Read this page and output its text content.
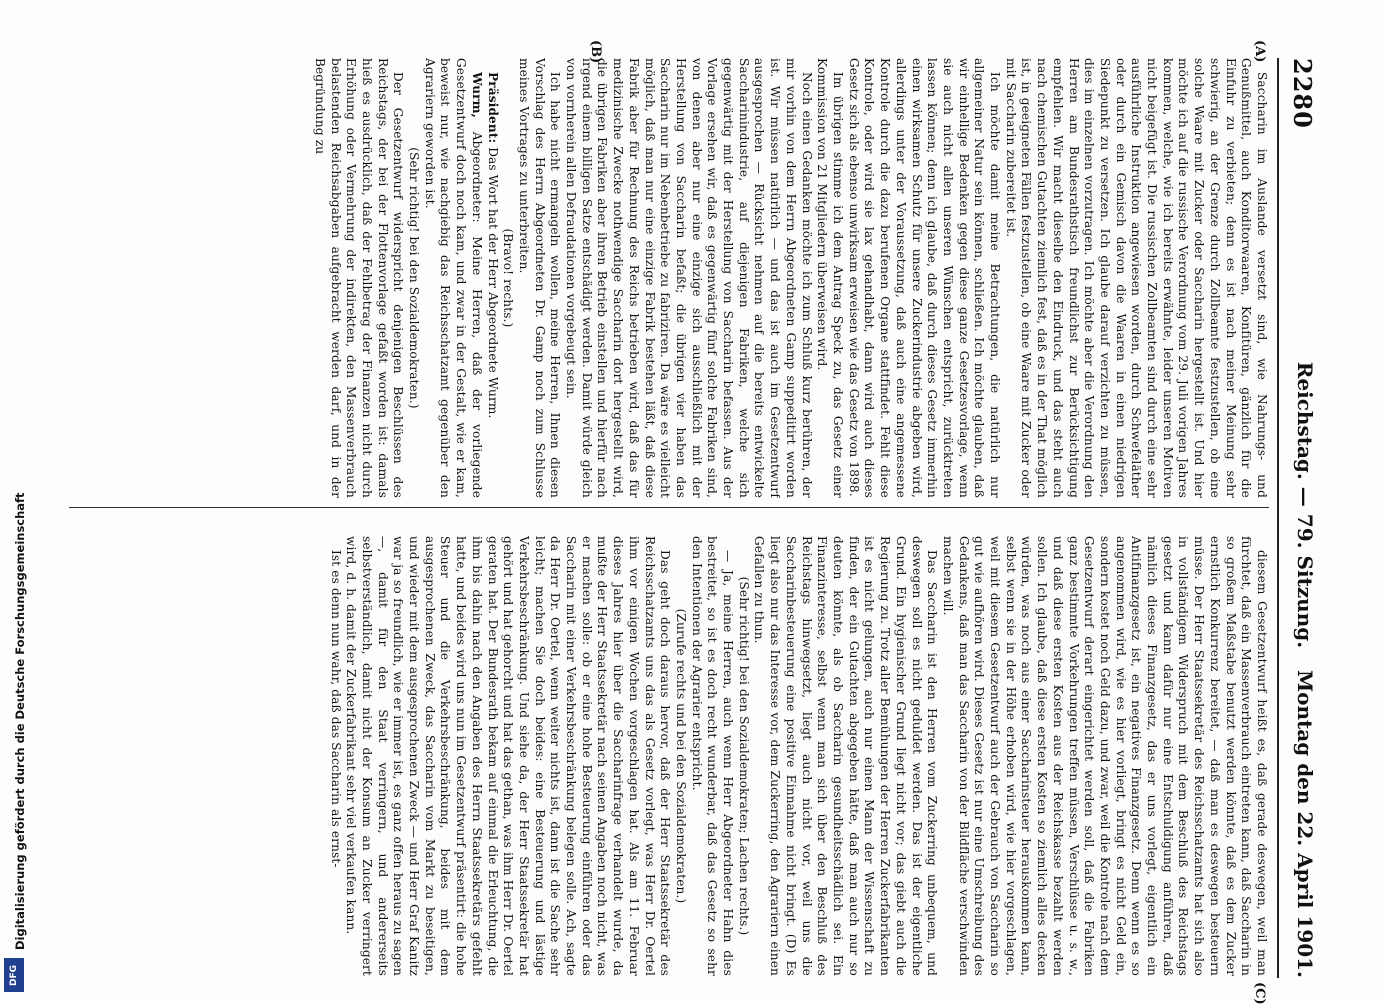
2280
Reichstag. — 79. Sitzung.
Montag den 22. April 1901.
(A)
(B)
(C)

Saccharin im Auslande versetzt sind, wie Nahrungs- und Genußmittel, auch Konditorwaaren, Konfitüren, gänzlich für die Einfuhr zu verbieten; denn es ist nach meiner Meinung sehr schwierig, an der Grenze durch Zollbeamte festzustellen, ob eine solche Waare mit Zucker oder Saccharin hergestellt ist. Und hier möchte ich auf die russische Verordnung vom 29. Juli vorigen Jahres kommen, welche, wie ich bereits erwähnte, leider unseren Motiven nicht beigefügt ist. Die russischen Zollbeamten sind durch eine sehr ausführliche Instruktion angewiesen worden, durch Schwefeläther oder durch ein Gemisch davon die Waaren in einen niedrigen Siedepunkt zu versetzen. Ich glaube darauf verzichten zu müssen, dies im einzelnen vorzutragen. Ich möchte aber die Verordnung den Herren am Bundesrathstisch freundlichst zur Berücksichtigung empfehlen. Wir macht dieselbe den Eindruck, und das steht auch nach chemischen Gutachten ziemlich fest, daß es in der That möglich ist, in geeigneten Fällen festzustellen, ob eine Waare mit Zucker oder mit Saccharin zubereitet ist.

Ich möchte damit meine Betrachtungen, die natürlich nur allgemeiner Natur sein können, schließen. Ich möchte glauben, daß wir einhellige Bedenken gegen diese ganze Gesetzesvorlage, wenn sie auch nicht allen unseren Wünschen entspricht, zurücktreten lassen können; denn ich glaube, daß durch dieses Gesetz immerhin einen wirksamen Schutz für unsere Zuckerindustrie abgeben wird, allerdings unter der Voraussetzung, daß auch eine angemessene Kontrole durch die dazu berufenen Organe stattfindet. Fehlt diese Kontrole, oder wird sie lax gehandhabt, dann wird auch dieses Gesetz sich als ebenso unwirksam erweisen wie das Gesetz von 1898.

Im übrigen stimme ich dem Antrag Speck zu, das Gesetz einer Kommission von 21 Mitgliedern überweisen wird.

Noch einen Gedanken möchte ich zum Schluß kurz berühren, der mir vorhin von dem Herrn Abgeordneten Gamp suppeditirt worden ist. Wir müssen natürlich — und das ist auch im Gesetzentwurf ausgesprochen — Rücksicht nehmen auf die bereits entwickelte Saccharinindustrie, auf diejenigen Fabriken, welche sich gegenwärtig mit der Herstellung von Saccharin befassen. Aus der Vorlage ersehen wir, daß es gegenwärtig fünf solche Fabriken sind, von denen aber nur eine einzige sich ausschließlich mit der Herstellung von Saccharin befaßt; die übrigen vier haben das Saccharin nur im Nebenbetriebe zu fabriziren. Da wäre es vielleicht möglich, daß man nur eine einzige Fabrik bestehen läßt, daß diese Fabrik aber für Rechnung des Reichs betrieben wird, daß das für medizinische Zwecke nothwendige Saccharin dort hergestellt wird, die übrigen Fabriken aber ihren Betrieb einstellen und hierfür nach irgend einem billigen Satze entschädigt werden. Damit würde gleich von vornherein allen Defraudationen vorgebeugt sein.

Ich habe nicht ermangeln wollen, meine Herren, Ihnen diesen Vorschlag des Herrn Abgeordneten Dr. Gamp noch zum Schlusse meines Vortrages zu unterbreiten.

(Bravo! rechts.)

Präsident: Das Wort hat der Herr Abgeordnete Wurm.

Wurm, Abgeordneter: Meine Herren, daß der vorliegende Gesetzentwurf doch noch kam, und zwar in der Gestalt, wie er kam, beweist nur, wie nachgiebig das Reichsschatzamt gegenüber den Agrariern geworden ist.

(Sehr richtig! bei den Sozialdemokraten.)

Der Gesetzentwurf widerspricht denjenigen Beschlüssen des Reichstags, der bei der Flottenvorlage gefaßt worden ist: damals hieß es ausdrücklich, daß der Fehlbetrag der Finanzen nicht durch Erhöhung oder Vermehrung der indirekten, den Massenverbrauch belastenden Reichsabgaben aufgebracht werden darf, und in der Begründung zu

diesem Gesetzentwurf heißt es, daß gerade deswegen, weil man fürchtet, daß ein Massenverbrauch eintreten kann, daß Saccharin in so großem Maßstabe benutzt werden könnte, daß es dem Zucker ernstlich Konkurrenz bereitet, — daß man es deswegen besteuern müsse. Der Herr Staatssekretär des Reichsschatzamts hat sich also in vollständigem Widerspruch mit dem Beschluß des Reichstags gesetzt und kann dafür nur eine Entschuldigung anführen, daß nämlich dieses Finanzgesetz, das er uns vorlegt, eigentlich ein Antifinanzgesetz ist, ein negatives Finanzgesetz. Denn wenn es so angenommen wird, wie es hier vorliegt, bringt es nicht Geld ein, sondern kostet noch Geld dazu, und zwar, weil die Kontrole nach dem Gesetzentwurf derart eingerichtet werden soll, daß die Fabriken ganz bestimmte Vorkehrungen treffen müssen, Verschlüsse u. s. w., und daß diese ersten Kosten aus der Reichskasse bezahlt werden sollen. Ich glaube, daß diese ersten Kosten so ziemlich alles decken würden, was noch aus einer Saccharinsteuer herauskommen kann, selbst wenn sie in der Höhe erhoben wird, wie hier vorgeschlagen, weil mit diesem Gesetzentwurf auch der Gebrauch von Saccharin so gut wie aufhören wird. Dieses Gesetz ist nur eine Umschreibung des Gedankens, daß man das Saccharin von der Bildfläche verschwinden machen will.

Das Saccharin ist den Herren vom Zuckerring unbequem, und deswegen soll es nicht geduldet werden. Das ist der eigentliche Grund. Ein hygienischer Grund liegt nicht vor; das giebt auch die Regierung zu. Trotz aller Bemühungen der Herren Zuckerfabrikanten ist es nicht gelungen, auch nur einen Mann der Wissenschaft zu finden, der ein Gutachten abgegeben hätte, daß man auch nur so deuten könnte, als ob Saccharin gesundheitsschädlich sei. Ein Finanzinteresse, selbst wenn man sich über den Beschluß des Reichstags hinwegsetzt, liegt auch nicht vor, weil uns die Saccharinbesteuerung eine positive Einnahme nicht bringt. (D) Es liegt also nur das Interesse vor, dem Zuckerring, den Agrariern einen Gefallen zu thun.

(Sehr richtig! bei den Sozialdemokraten; Lachen rechts.)

— Ja, meine Herren, auch wenn Herr Abgeordneter Hahn dies bestreitet, so ist es doch recht wunderbar, daß das Gesetz so sehr den Intentionen der Agrarier entspricht.

(Zurufe rechts und bei den Sozialdemokraten.)

Das geht doch daraus hervor, daß der Herr Staatssekretär des Reichsschatzamts uns das als Gesetz vorlegt, was Herr Dr. Oertel ihm vor einigen Wochen vorgeschlagen hat. Als am 11. Februar dieses Jahres hier über die Saccharinfrage verhandelt wurde, da mußte der Herr Staatssekretär nach seinen Angaben noch nicht, was er machen solle: ob er eine hohe Besteuerung einführen oder das Saccharin mit einer Verkehrsbeschränkung belegen solle. Ach, sagte da Herr Dr. Oertel, wenn weiter nichts ist, dann ist die Sache sehr leicht; machen Sie doch beides: eine Besteuerung und lästige Verkehrsbeschränkung. Und siehe da, der Herr Staatssekretär hat gehört und hat gehorcht und hat das gethan, was ihm Herr Dr. Oertel geraten hat. Der Bundesrath bekam auf einmal die Erleuchtung, die ihm bis dahin nach den Angaben des Herrn Staatssekretärs gefehlt hatte, und beides wird uns nun im Gesetzentwurf präsentirt: die hohe Steuer und die Verkehrsbeschränkung, beides mit dem ausgesprochenen Zweck, das Saccharin vom Markt zu beseitigen, und wieder mit dem ausgesprochenen Zweck — und Herr Graf Kanitz war ja so freundlich, wie er immer ist, es ganz offen heraus zu sagen —, damit für den Staat verringern, und andererseits selbstverständlich, damit nicht der Konsum an Zucker verringert wird, d. h. damit der Zuckerfabrikant sehr viel verkaufen kann.

Ist es denn nun wahr, daß das Saccharin als ernst-

Digitalisierung gefördert durch die Deutsche Forschungsgemeinschaft
DFG
